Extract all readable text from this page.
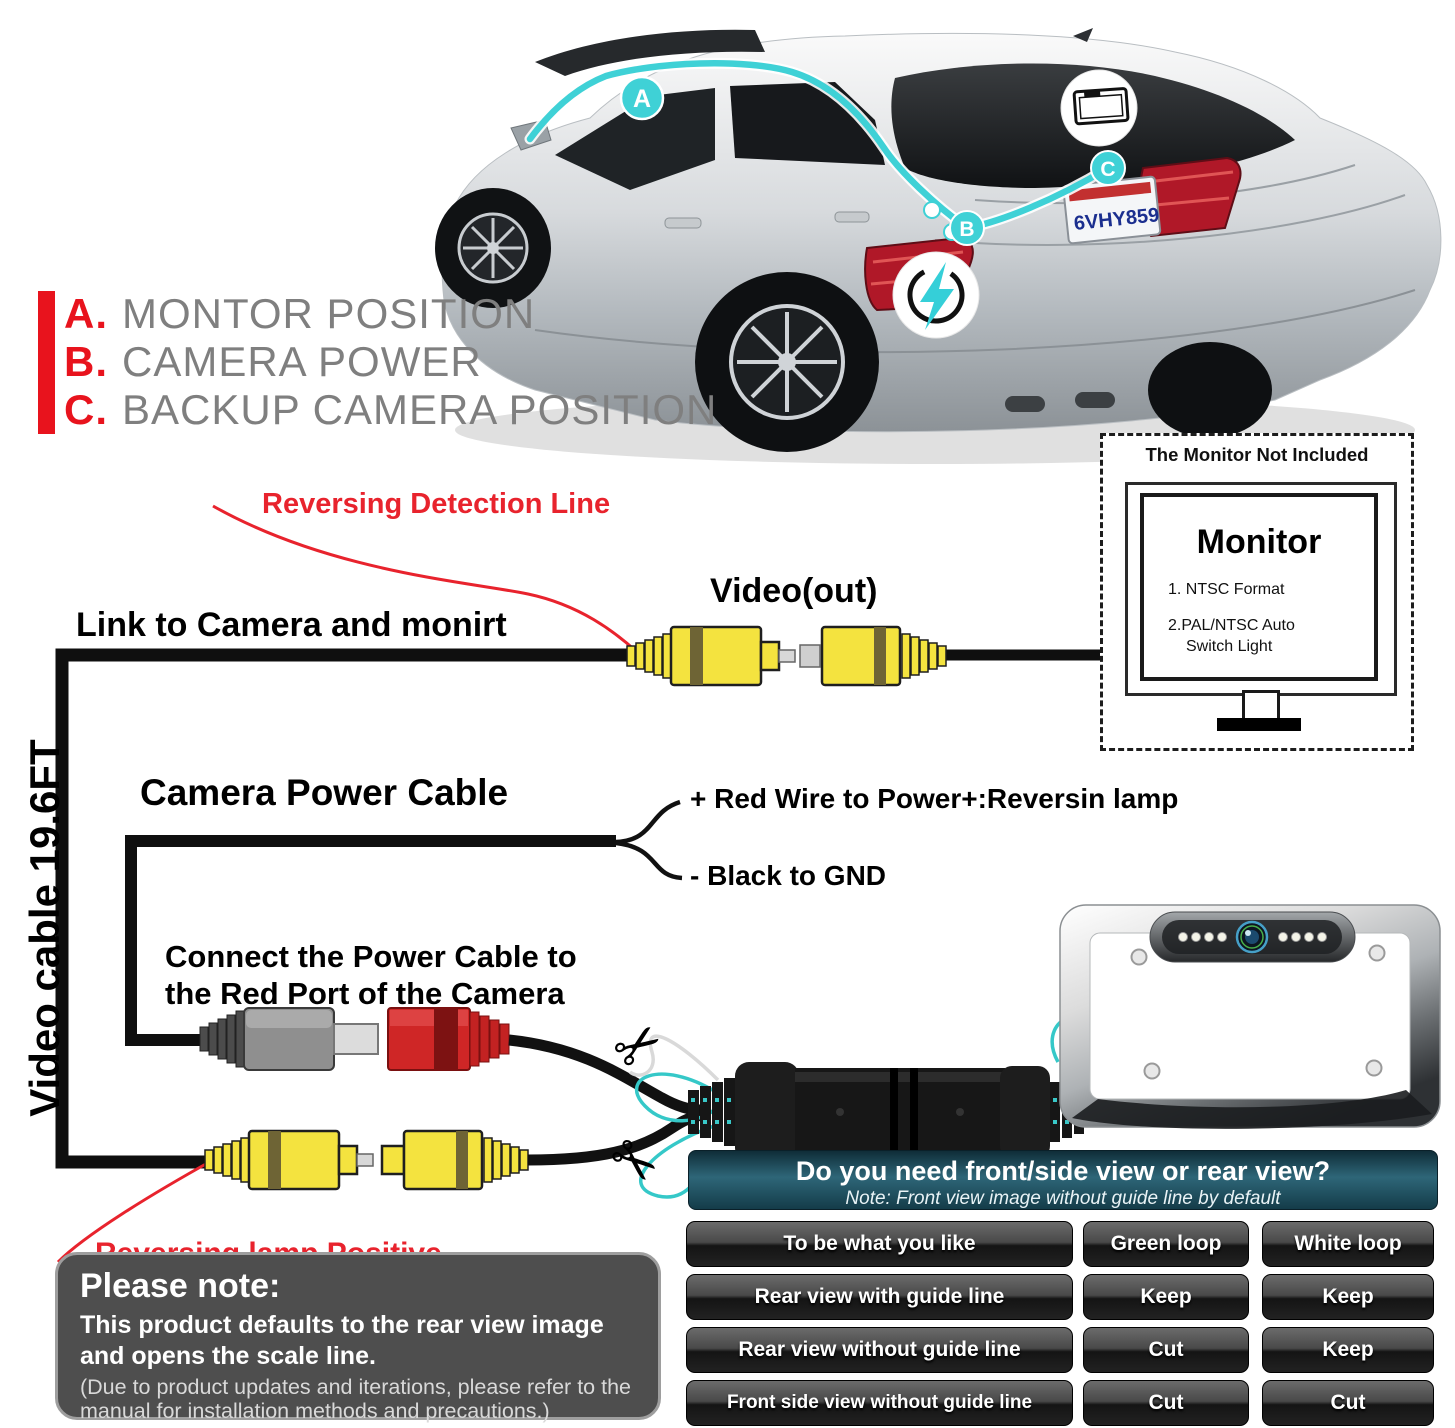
6VHY859
A
B
C
A. MONTOR POSITION
B. CAMERA POWER
C. BACKUP CAMERA POSITION
Reversing Detection Line
Link to Camera and monirt
Video(out)
Video cable 19.6FT Camera Power Cable	+ Red Wire to Power+:Reversin lamp
- Black to GND
Connect the Power Cable to
the Red Port of the Camera
✂
✂
The Monitor Not Included
Monitor
1. NTSC Format
2.PAL/NTSC Auto
Switch Light
Please note:
This product defaults to the rear view image and opens the scale line.
(Due to product updates and iterations, please refer to the manual for installation methods and precautions.)
Do you need front/side view or rear view?
Note: Front view image without guide line by default
To be what you like	Green loop	White loop
Rear view with guide line	Keep	Keep
Rear view without guide line	Cut	Keep
Front side view without guide line	Cut	Cut
